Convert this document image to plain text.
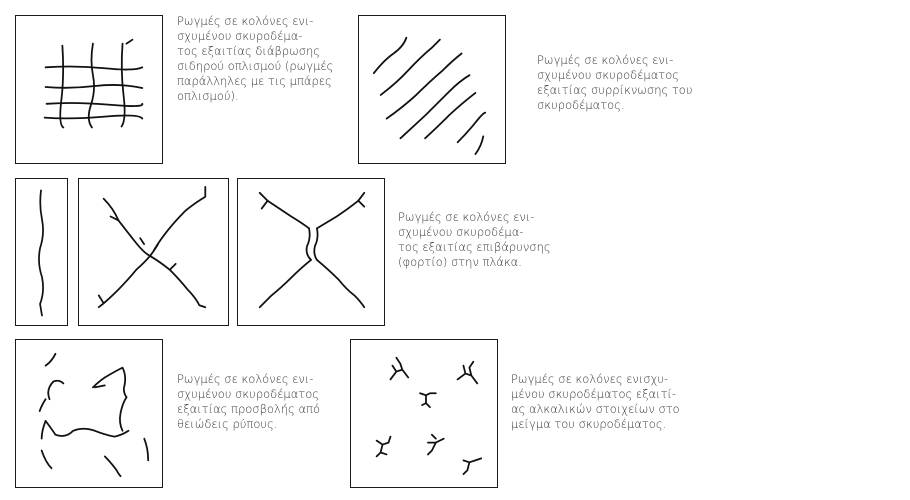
Ρωγμές σε κολόνες ενι-
σχυμένου σκυροδέμα-
τος εξαιτίας διάβρωσης
σιδηρού οπλισμού (ρωγμές
παράλληλες με τις μπάρες
οπλισμού).
Ρωγμές σε κολόνες ενι-
σχυμένου σκυροδέματος
εξαιτίας συρρίκνωσης του
σκυροδέματος.
Ρωγμές σε κολόνες ενι-
σχυμένου σκυροδέμα-
τος εξαιτίας επιβάρυνσης
(φορτίο) στην πλάκα.
Ρωγμές σε κολόνες ενι-
σχυμένου σκυροδέματος
εξαιτίας προσβολής από
θειώδεις ρύπους.
Ρωγμές σε κολόνες ενισχυ-
μένου σκυροδέματος εξαιτί-
ας αλκαλικών στοιχείων στο
μείγμα του σκυροδέματος.
